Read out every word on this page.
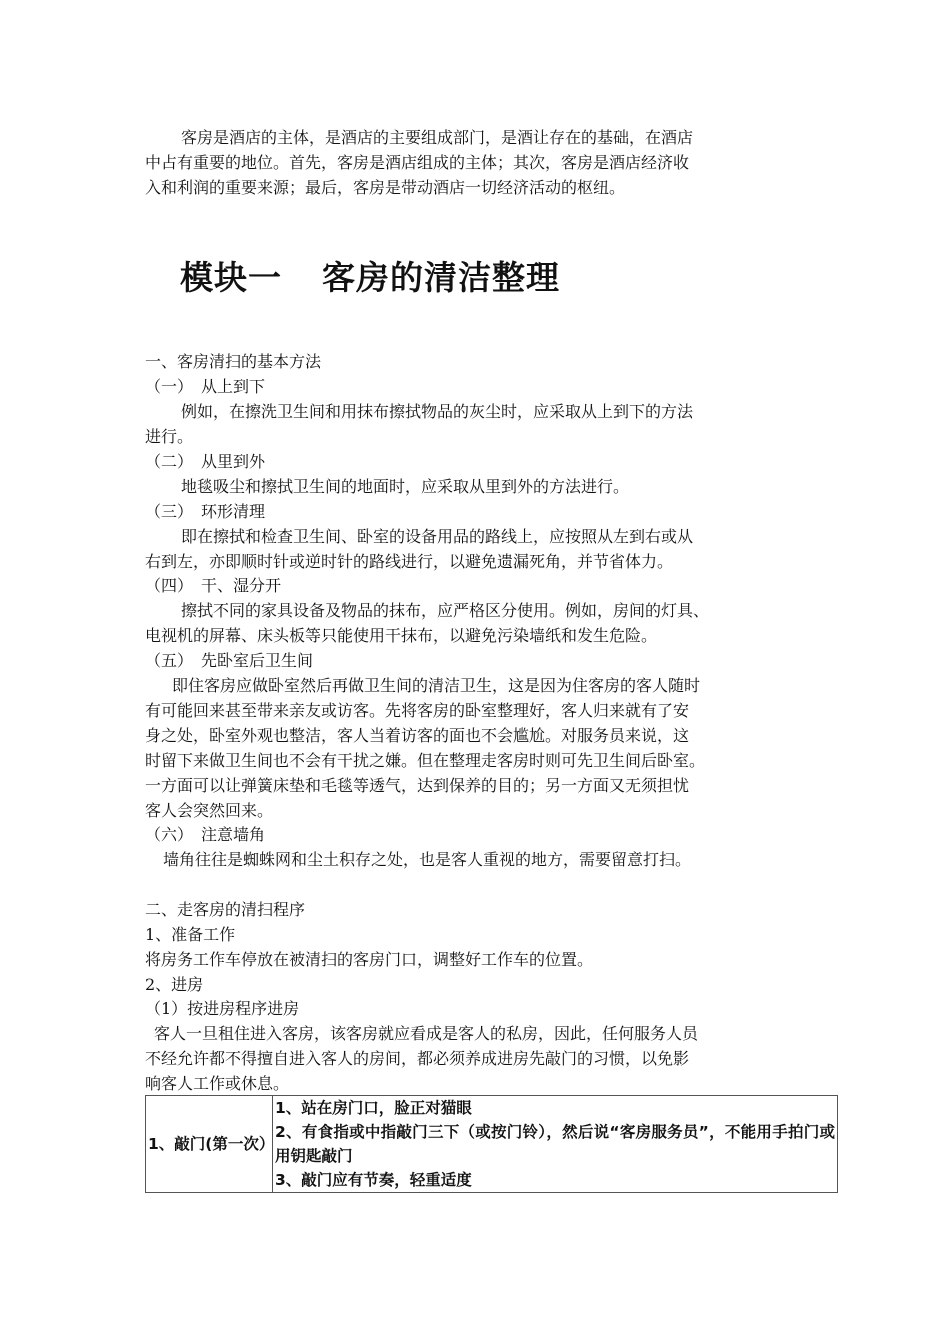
客房是酒店的主体，是酒店的主要组成部门，是酒让存在的基础，在酒店
中占有重要的地位。首先，客房是酒店组成的主体；其次，客房是酒店经济收
入和利润的重要来源；最后，客房是带动酒店一切经济活动的枢纽。
模块一 客房的清洁整理
一、客房清扫的基本方法
（一）　从上到下
例如，在擦洗卫生间和用抹布擦拭物品的灰尘时，应采取从上到下的方法
进行。
（二）　从里到外
地毯吸尘和擦拭卫生间的地面时，应采取从里到外的方法进行。
（三）　环形清理
即在擦拭和检查卫生间、卧室的设备用品的路线上，应按照从左到右或从
右到左，亦即顺时针或逆时针的路线进行，以避免遗漏死角，并节省体力。
（四）　干、湿分开
擦拭不同的家具设备及物品的抹布，应严格区分使用。例如，房间的灯具、
电视机的屏幕、床头板等只能使用干抹布，以避免污染墙纸和发生危险。
（五）　先卧室后卫生间
即住客房应做卧室然后再做卫生间的清洁卫生，这是因为住客房的客人随时
有可能回来甚至带来亲友或访客。先将客房的卧室整理好，客人归来就有了安
身之处，卧室外观也整洁，客人当着访客的面也不会尴尬。对服务员来说，这
时留下来做卫生间也不会有干扰之嫌。但在整理走客房时则可先卫生间后卧室。
一方面可以让弹簧床垫和毛毯等透气，达到保养的目的；另一方面又无须担忧
客人会突然回来。
（六）　注意墙角
墙角往往是蜘蛛网和尘土积存之处，也是客人重视的地方，需要留意打扫。
二、走客房的清扫程序
1、准备工作
将房务工作车停放在被清扫的客房门口，调整好工作车的位置。
2、进房
（1）按进房程序进房
客人一旦租住进入客房，该客房就应看成是客人的私房，因此，任何服务人员
不经允许都不得擅自进入客人的房间，都必须养成进房先敲门的习惯，以免影
响客人工作或休息。
1、敲门(第一次）	
1、站在房门口，脸正对猫眼
2、有食指或中指敲门三下（或按门铃），然后说“客房服务员”，不能用手拍门或用钥匙敲门
3、敲门应有节奏，轻重适度
